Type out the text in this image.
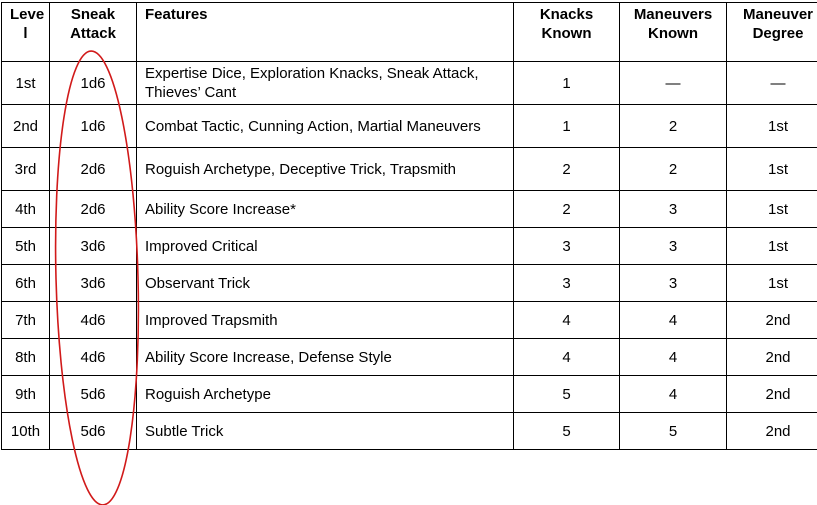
Leve l	Sneak Attack	Features	Knacks Known	Maneuvers Known	Maneuver Degree
1st	1d6	Expertise Dice, Exploration Knacks, Sneak Attack, Thieves’ Cant	1	—	—
2nd	1d6	Combat Tactic, Cunning Action, Martial Maneuvers	1	2	1st
3rd	2d6	Roguish Archetype, Deceptive Trick, Trapsmith	2	2	1st
4th	2d6	Ability Score Increase*	2	3	1st
5th	3d6	Improved Critical	3	3	1st
6th	3d6	Observant Trick	3	3	1st
7th	4d6	Improved Trapsmith	4	4	2nd
8th	4d6	Ability Score Increase, Defense Style	4	4	2nd
9th	5d6	Roguish Archetype	5	4	2nd
10th	5d6	Subtle Trick	5	5	2nd
